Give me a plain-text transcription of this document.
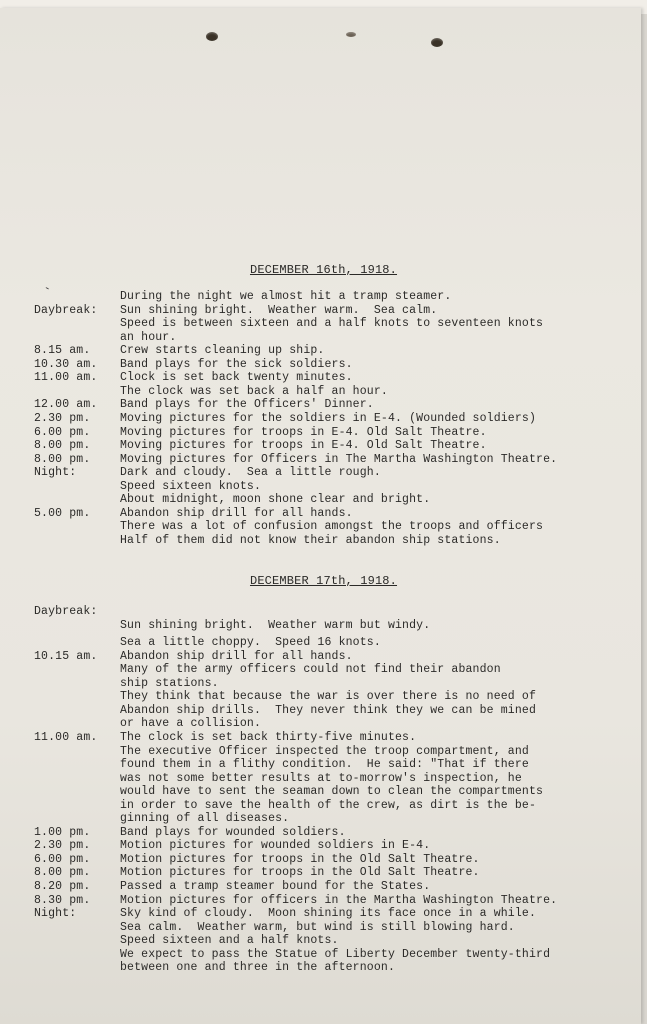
`
DECEMBER 16th, 1918.
DECEMBER 17th, 1918.
During the night we almost hit a tramp steamer.
Daybreak:	Sun shining bright.  Weather warm.  Sea calm.
Speed is between sixteen and a half knots to seventeen knots
an hour.
8.15 am.	Crew starts cleaning up ship.
10.30 am.	Band plays for the sick soldiers.
11.00 am.	Clock is set back twenty minutes.
The clock was set back a half an hour.
12.00 am.	Band plays for the Officers' Dinner.
2.30 pm.	Moving pictures for the soldiers in E-4. (Wounded soldiers)
6.00 pm.	Moving pictures for troops in E-4. Old Salt Theatre.
8.00 pm.	Moving pictures for troops in E-4. Old Salt Theatre.
8.00 pm.	Moving pictures for Officers in The Martha Washington Theatre.
Night:	Dark and cloudy.  Sea a little rough.
Speed sixteen knots.
About midnight, moon shone clear and bright.
5.00 pm.	Abandon ship drill for all hands.
There was a lot of confusion amongst the troops and officers
Half of them did not know their abandon ship stations.
Daybreak:
Sun shining bright.  Weather warm but windy.
Sea a little choppy.  Speed 16 knots.
10.15 am.	Abandon ship drill for all hands.
Many of the army officers could not find their abandon
ship stations.
They think that because the war is over there is no need of
Abandon ship drills.  They never think they we can be mined
or have a collision.
11.00 am.	The clock is set back thirty-five minutes.
The executive Officer inspected the troop compartment, and
found them in a flithy condition.  He said: "That if there
was not some better results at to-morrow's inspection, he
would have to sent the seaman down to clean the compartments
in order to save the health of the crew, as dirt is the be-
ginning of all diseases.
1.00 pm.	Band plays for wounded soldiers.
2.30 pm.	Motion pictures for wounded soldiers in E-4.
6.00 pm.	Motion pictures for troops in the Old Salt Theatre.
8.00 pm.	Motion pictures for troops in the Old Salt Theatre.
8.20 pm.	Passed a tramp steamer bound for the States.
8.30 pm.	Motion pictures for officers in the Martha Washington Theatre.
Night:	Sky kind of cloudy.  Moon shining its face once in a while.
Sea calm.  Weather warm, but wind is still blowing hard.
Speed sixteen and a half knots.
We expect to pass the Statue of Liberty December twenty-third
between one and three in the afternoon.
